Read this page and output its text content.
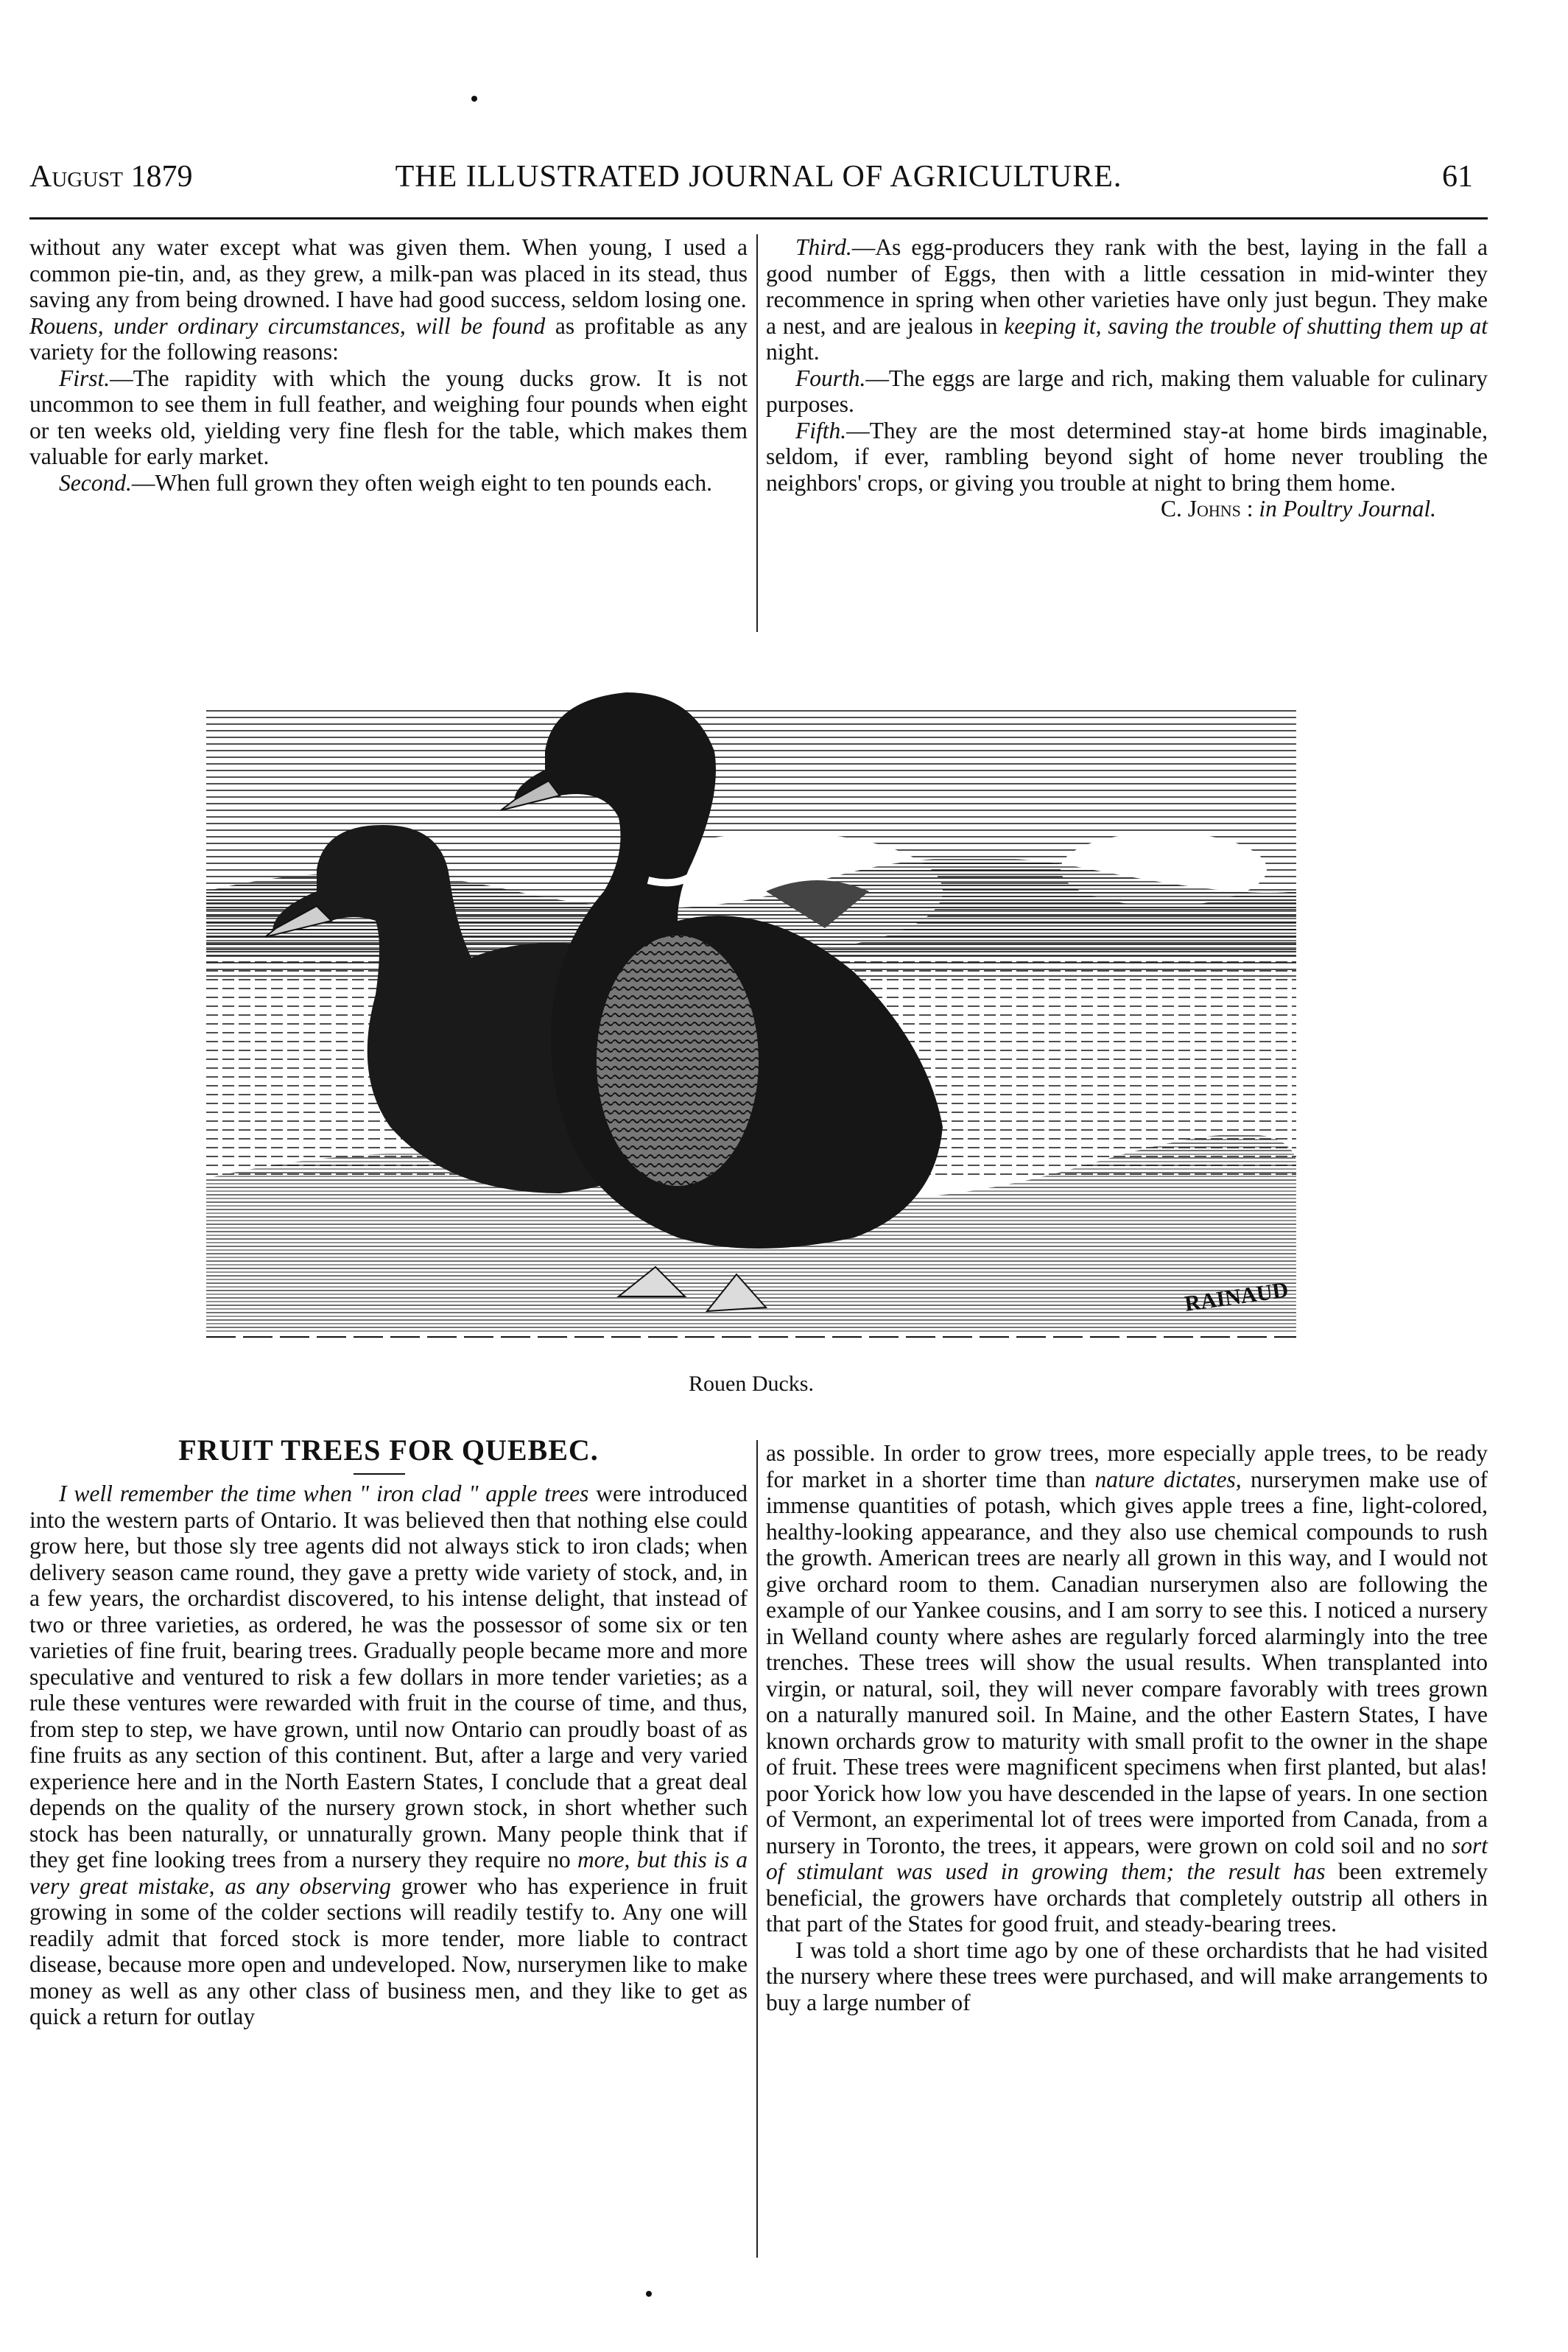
August 1879	THE ILLUSTRATED JOURNAL OF AGRICULTURE.	61

without any water except what was given them. When young, I used a common pie-tin, and, as they grew, a milk-pan was placed in its stead, thus saving any from being drowned. I have had good success, seldom losing one.

Rouens, under ordinary circumstances, will be found as profitable as any variety for the following reasons:

First.—The rapidity with which the young ducks grow. It is not uncommon to see them in full feather, and weighing four pounds when eight or ten weeks old, yielding very fine flesh for the table, which makes them valuable for early market.

Second.—When full grown they often weigh eight to ten pounds each.

Third.—As egg-producers they rank with the best, laying in the fall a good number of Eggs, then with a little cessation in mid-winter they recommence in spring when other varieties have only just begun. They make a nest, and are jealous in keeping it, saving the trouble of shutting them up at night.

Fourth.—The eggs are large and rich, making them valuable for culinary purposes.

Fifth.—They are the most determined stay-at home birds imaginable, seldom, if ever, rambling beyond sight of home never troubling the neighbors' crops, or giving you trouble at night to bring them home.

C. Johns : in Poultry Journal.

RAINAUD
Rouen Ducks.
FRUIT TREES FOR QUEBEC.

I well remember the time when " iron clad " apple trees were introduced into the western parts of Ontario. It was believed then that nothing else could grow here, but those sly tree agents did not always stick to iron clads; when delivery season came round, they gave a pretty wide variety of stock, and, in a few years, the orchardist discovered, to his intense delight, that instead of two or three varieties, as ordered, he was the possessor of some six or ten varieties of fine fruit, bearing trees. Gradually people became more and more speculative and ventured to risk a few dollars in more tender varieties; as a rule these ventures were rewarded with fruit in the course of time, and thus, from step to step, we have grown, until now Ontario can proudly boast of as fine fruits as any section of this continent. But, after a large and very varied experience here and in the North Eastern States, I conclude that a great deal depends on the quality of the nursery grown stock, in short whether such stock has been naturally, or unnaturally grown. Many people think that if they get fine looking trees from a nursery they require no more, but this is a very great mistake, as any observing grower who has experience in fruit growing in some of the colder sections will readily testify to. Any one will readily admit that forced stock is more tender, more liable to contract disease, because more open and undeveloped. Now, nurserymen like to make money as well as any other class of business men, and they like to get as quick a return for outlay

as possible. In order to grow trees, more especially apple trees, to be ready for market in a shorter time than nature dictates, nurserymen make use of immense quantities of potash, which gives apple trees a fine, light-colored, healthy-looking appearance, and they also use chemical compounds to rush the growth. American trees are nearly all grown in this way, and I would not give orchard room to them. Canadian nurserymen also are following the example of our Yankee cousins, and I am sorry to see this. I noticed a nursery in Welland county where ashes are regularly forced alarmingly into the tree trenches. These trees will show the usual results. When transplanted into virgin, or natural, soil, they will never compare favorably with trees grown on a naturally manured soil. In Maine, and the other Eastern States, I have known orchards grow to maturity with small profit to the owner in the shape of fruit. These trees were magnificent specimens when first planted, but alas! poor Yorick how low you have descended in the lapse of years. In one section of Vermont, an experimental lot of trees were imported from Canada, from a nursery in Toronto, the trees, it appears, were grown on cold soil and no sort of stimulant was used in growing them; the result has been extremely beneficial, the growers have orchards that completely outstrip all others in that part of the States for good fruit, and steady-bearing trees.

I was told a short time ago by one of these orchardists that he had visited the nursery where these trees were purchased, and will make arrangements to buy a large number of
